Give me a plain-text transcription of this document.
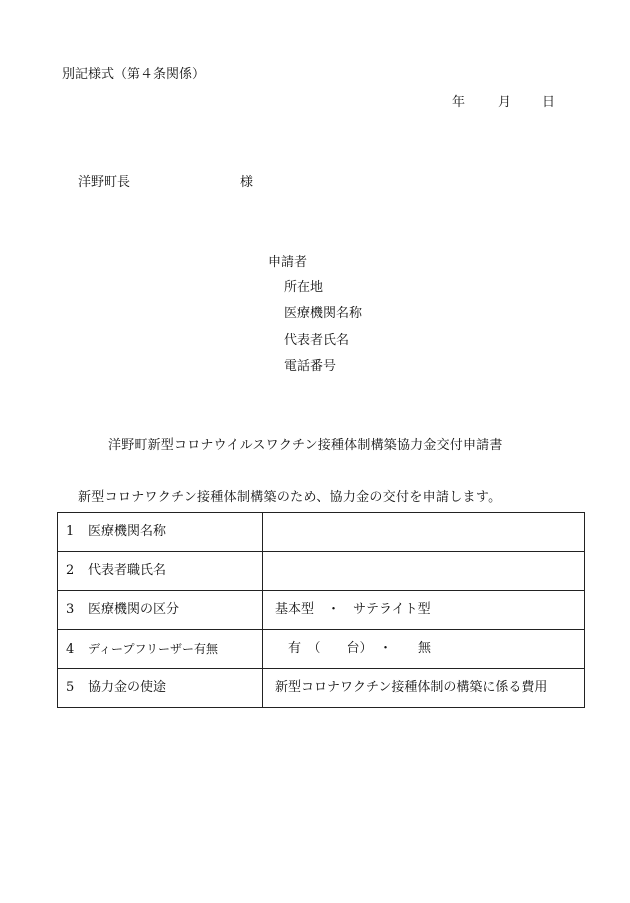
別記様式（第４条関係）
年	月 日
洋野町長	様
申請者
所在地
医療機関名称
代表者氏名
電話番号
洋野町新型コロナウイルスワクチン接種体制構築協力金交付申請書
新型コロナワクチン接種体制構築のため、協力金の交付を申請します。
1 医療機関名称	
2 代表者職氏名	
3 医療機関の区分	基本型　・　サテライト型
4 ディープフリーザー有無	　有　（　　台）　・　　無
5 協力金の使途	新型コロナワクチン接種体制の構築に係る費用
